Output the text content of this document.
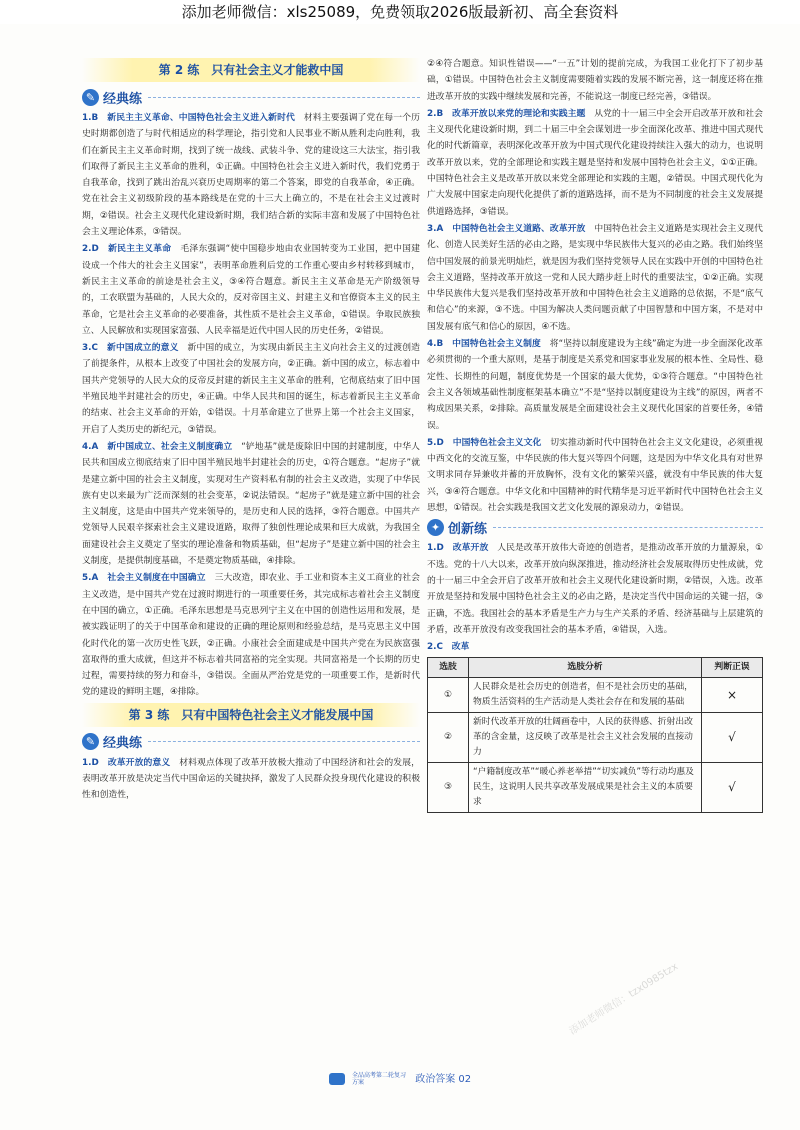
添加老师微信：xls25089，免费领取2026版最新初、高全套资料
第 2 练　只有社会主义才能救中国
✎ 经典练

1.B　 新民主主义革命、中国特色社会主义进入新时代　 材料主要强调了党在每一个历史时期都创造了与时代相适应的科学理论，指引党和人民事业不断从胜利走向胜利，我们在新民主主义革命时期，找到了统一战线、武装斗争、党的建设这三大法宝，指引我们取得了新民主主义革命的胜利，①正确。中国特色社会主义进入新时代，我们党勇于自我革命，找到了跳出治乱兴衰历史周期率的第二个答案，即党的自我革命，④正确。党在社会主义初级阶段的基本路线是在党的十三大上确立的，不是在社会主义过渡时期，②错误。社会主义现代化建设新时期，我们结合新的实际丰富和发展了中国特色社会主义理论体系，③错误。

2.D　 新民主主义革命　 毛泽东强调“使中国稳步地由农业国转变为工业国，把中国建设成一个伟大的社会主义国家”，表明革命胜利后党的工作重心要由乡村转移到城市，新民主主义革命的前途是社会主义，③④符合题意。新民主主义革命是无产阶级领导的，工农联盟为基础的，人民大众的，反对帝国主义、封建主义和官僚资本主义的民主革命，它是社会主义革命的必要准备，其性质不是社会主义革命，①错误。争取民族独立、人民解放和实现国家富强、人民幸福是近代中国人民的历史任务，②错误。

3.C　 新中国成立的意义　 新中国的成立，为实现由新民主主义向社会主义的过渡创造了前提条件，从根本上改变了中国社会的发展方向，②正确。新中国的成立，标志着中国共产党领导的人民大众的反帝反封建的新民主主义革命的胜利，它彻底结束了旧中国半殖民地半封建社会的历史，④正确。中华人民共和国的诞生，标志着新民主主义革命的结束、社会主义革命的开始，①错误。十月革命建立了世界上第一个社会主义国家，开启了人类历史的新纪元，③错误。

4.A　 新中国成立、社会主义制度确立　 “铲地基”就是废除旧中国的封建制度，中华人民共和国成立彻底结束了旧中国半殖民地半封建社会的历史，①符合题意。“起房子”就是建立新中国的社会主义制度，实现对生产资料私有制的社会主义改造，实现了中华民族有史以来最为广泛而深刻的社会变革，②说法错误。“起房子”就是建立新中国的社会主义制度，这是由中国共产党来领导的，是历史和人民的选择，③符合题意。中国共产党领导人民艰辛探索社会主义建设道路，取得了独创性理论成果和巨大成就，为我国全面建设社会主义奠定了坚实的理论准备和物质基础，但“起房子”是建立新中国的社会主义制度，是提供制度基础，不是奠定物质基础，④排除。

5.A　 社会主义制度在中国确立　 三大改造，即农业、手工业和资本主义工商业的社会主义改造，是中国共产党在过渡时期进行的一项重要任务，其完成标志着社会主义制度在中国的确立，①正确。毛泽东思想是马克思列宁主义在中国的创造性运用和发展，是被实践证明了的关于中国革命和建设的正确的理论原则和经验总结，是马克思主义中国化时代化的第一次历史性飞跃，②正确。小康社会全面建成是中国共产党在为民族富强富取得的重大成就，但这并不标志着共同富裕的完全实现。共同富裕是一个长期的历史过程，需要持续的努力和奋斗，③错误。全面从严治党是党的一项重要工作，是新时代党的建设的鲜明主题，④排除。

第 3 练　只有中国特色社会主义才能发展中国
✎ 经典练

1.D　 改革开放的意义　 材料观点体现了改革开放极大推动了中国经济和社会的发展，表明改革开放是决定当代中国命运的关键抉择，激发了人民群众投身现代化建设的积极性和创造性，

②④符合题意。知识性错误——“一五”计划的提前完成，为我国工业化打下了初步基础，①错误。中国特色社会主义制度需要随着实践的发展不断完善，这一制度还将在推进改革开放的实践中继续发展和完善，不能说这一制度已经完善，③错误。

2.B　 改革开放以来党的理论和实践主题　 从党的十一届三中全会开启改革开放和社会主义现代化建设新时期，到二十届三中全会谋划进一步全面深化改革、推进中国式现代化的时代新篇章，表明深化改革开放为中国式现代化建设持续注入强大的动力，也说明改革开放以来，党的全部理论和实践主题是坚持和发展中国特色社会主义，①①正确。中国特色社会主义是改革开放以来党全部理论和实践的主题，②错误。中国式现代化为广大发展中国家走向现代化提供了新的道路选择，而不是为不同制度的社会主义发展提供道路选择，③错误。

3.A　 中国特色社会主义道路、改革开放　 中国特色社会主义道路是实现社会主义现代化、创造人民美好生活的必由之路，是实现中华民族伟大复兴的必由之路。我们始终坚信中国发展的前景光明灿烂，就是因为我们坚持党领导人民在实践中开创的中国特色社会主义道路，坚持改革开放这一党和人民大踏步赶上时代的重要法宝，①②正确。实现中华民族伟大复兴是我们坚持改革开放和中国特色社会主义道路的总依据，不是“底气和信心”的来源，③不选。中国为解决人类问题贡献了中国智慧和中国方案，不是对中国发展有底气和信心的原因，④不选。

4.B　 中国特色社会主义制度　 将“坚持以制度建设为主线”确定为进一步全面深化改革必须贯彻的一个重大原则，是基于制度是关系党和国家事业发展的根本性、全局性、稳定性、长期性的问题，制度优势是一个国家的最大优势，①③符合题意。“中国特色社会主义各领域基础性制度框架基本确立”不是“坚持以制度建设为主线”的原因，两者不构成因果关系，②排除。高质量发展是全面建设社会主义现代化国家的首要任务，④错误。

5.D　 中国特色社会主义文化　 切实推动新时代中国特色社会主义文化建设，必须重视中西文化的交流互鉴，中华民族的伟大复兴等四个问题，这是因为中华文化具有对世界文明求同存异兼收并蓄的开放胸怀，没有文化的繁荣兴盛，就没有中华民族的伟大复兴，③④符合题意。中华文化和中国精神的时代精华是习近平新时代中国特色社会主义思想，①错误。社会实践是我国文艺文化发展的源泉动力，②错误。

✦ 创新练

1.D　 改革开放　 人民是改革开放伟大奇迹的创造者，是推动改革开放的力量源泉，①不选。党的十八大以来，改革开放向纵深推进，推动经济社会发展取得历史性成就，党的十一届三中全会开启了改革开放和社会主义现代化建设新时期，②错误，入选。改革开放是坚持和发展中国特色社会主义的必由之路，是决定当代中国命运的关键一招，③正确，不选。我国社会的基本矛盾是生产力与生产关系的矛盾、经济基础与上层建筑的矛盾，改革开放没有改变我国社会的基本矛盾，④错误，入选。

2.C　 改革

选肢	选肢分析	判断正误
①	人民群众是社会历史的创造者，但不是社会历史的基础，物质生活资料的生产活动是人类社会存在和发展的基础	×
②	新时代改革开放的壮阔画卷中，人民的获得感、折射出改革的含金量，这反映了改革是社会主义社会发展的直接动力	√
③	“户籍制度改革”“暖心养老举措”“切实减负”等行动均惠及民生，这说明人民共享改革发展成果是社会主义的本质要求	√
添加老师微信：tzx0985tzx
全品高考第二轮复习方案	政治答案 02
